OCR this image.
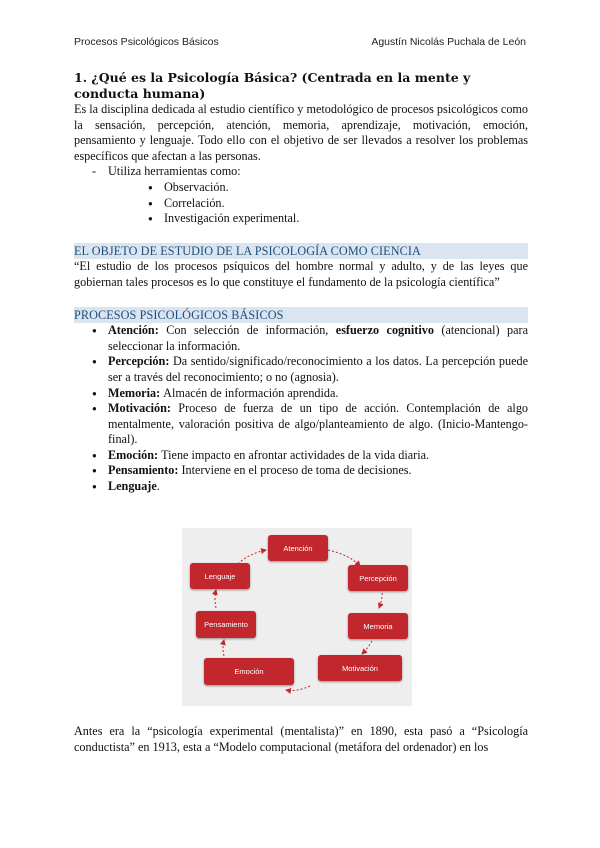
Procesos Psicológicos Básicos	Agustín Nicolás Puchala de León
1. ¿Qué es la Psicología Básica? (Centrada en la mente y conducta humana)

Es la disciplina dedicada al estudio científico y metodológico de procesos psicológicos como la sensación, percepción, atención, memoria, aprendizaje, motivación, emoción, pensamiento y lenguaje. Todo ello con el objetivo de ser llevados a resolver los problemas específicos que afectan a las personas.

- Utiliza herramientas como:
● Observación.
● Correlación.
● Investigación experimental.
EL OBJETO DE ESTUDIO DE LA PSICOLOGÍA COMO CIENCIA

“El estudio de los procesos psíquicos del hombre normal y adulto, y de las leyes que gobiernan tales procesos es lo que constituye el fundamento de la psicología científica”

PROCESOS PSICOLÓGICOS BÁSICOS
● Atención: Con selección de información, esfuerzo cognitivo (atencional) para seleccionar la información.
● Percepción: Da sentido/significado/reconocimiento a los datos. La percepción puede ser a través del reconocimiento; o no (agnosia).
● Memoria: Almacén de información aprendida.
● Motivación: Proceso de fuerza de un tipo de acción. Contemplación de algo mentalmente, valoración positiva de algo/planteamiento de algo. (Inicio-Mantengo-final).
● Emoción: Tiene impacto en afrontar actividades de la vida diaria.
● Pensamiento: Interviene en el proceso de toma de decisiones.
● Lenguaje.
Atención
Percepción
Memoria
Motivación
Emoción
Pensamiento
Lenguaje

Antes era la “psicología experimental (mentalista)” en 1890, esta pasó a “Psicología conductista” en 1913, esta a “Modelo computacional (metáfora del ordenador) en los
